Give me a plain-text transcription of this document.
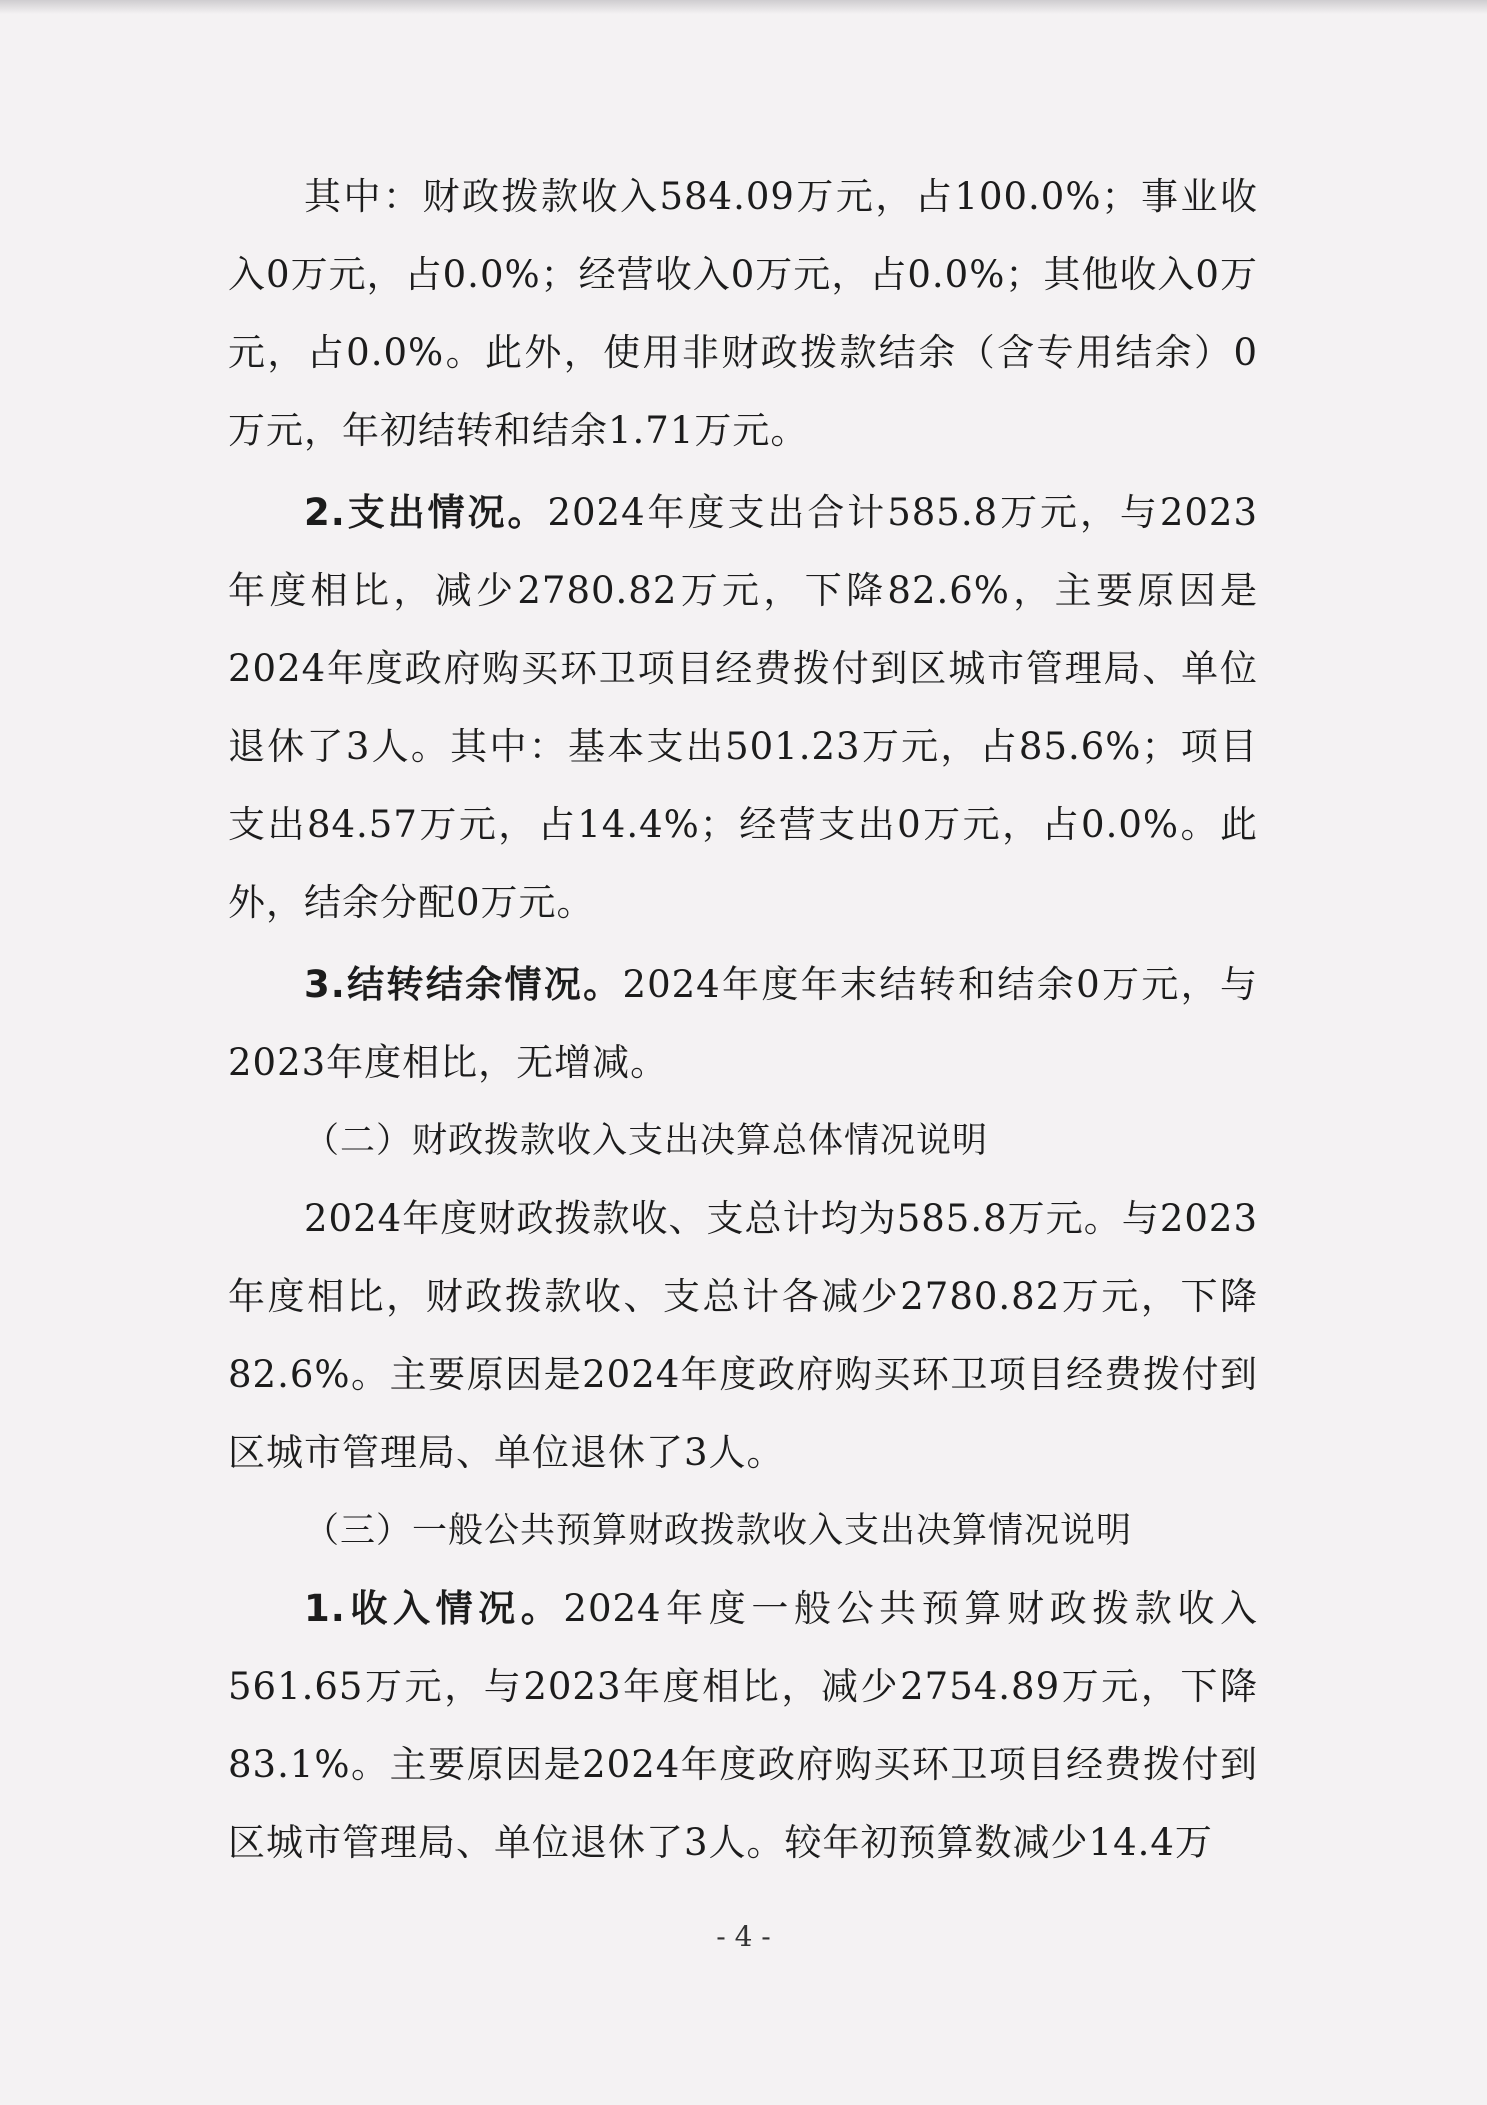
其中：财政拨款收入584.09万元，占100.0%；事业收入0万元，占0.0%；经营收入0万元，占0.0%；其他收入0万元，占0.0%。此外，使用非财政拨款结余（含专用结余）0万元，年初结转和结余1.71万元。

2.支出情况。2024年度支出合计585.8万元，与2023年度相比，减少2780.82万元，下降82.6%，主要原因是2024年度政府购买环卫项目经费拨付到区城市管理局、单位退休了3人。其中：基本支出501.23万元，占85.6%；项目支出84.57万元，占14.4%；经营支出0万元，占0.0%。此外，结余分配0万元。

3.结转结余情况。2024年度年末结转和结余0万元，与2023年度相比，无增减。

（二）财政拨款收入支出决算总体情况说明

2024年度财政拨款收、支总计均为585.8万元。与2023年度相比，财政拨款收、支总计各减少2780.82万元，下降82.6%。主要原因是2024年度政府购买环卫项目经费拨付到区城市管理局、单位退休了3人。

（三）一般公共预算财政拨款收入支出决算情况说明

1.收入情况。2024年度一般公共预算财政拨款收入561.65万元，与2023年度相比，减少2754.89万元，下降83.1%。主要原因是2024年度政府购买环卫项目经费拨付到区城市管理局、单位退休了3人。较年初预算数减少14.4万

- 4 -
